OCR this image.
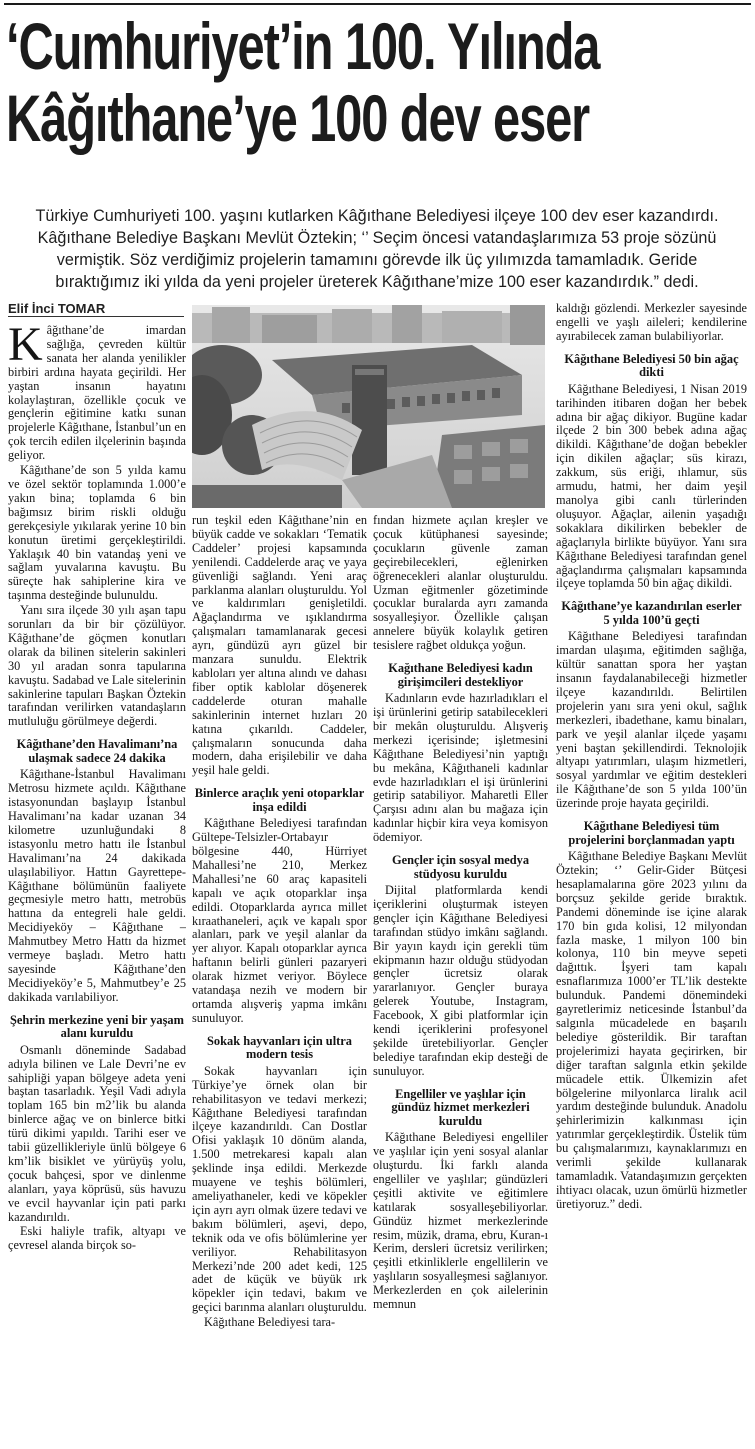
‘Cumhuriyet’in 100. Yılında
Kâğıthane’ye 100 dev eser
Türkiye Cumhuriyeti 100. yaşını kutlarken Kâğıthane Belediyesi ilçeye 100 dev eser kazandırdı.
Kâğıthane Belediye Başkanı Mevlüt Öztekin; ‘’ Seçim öncesi vatandaşlarımıza 53 proje sözünü
vermiştik. Söz verdiğimiz projelerin tamamını görevde ilk üç yılımızda tamamladık. Geride
bıraktığımız iki yılda da yeni projeler üreterek Kâğıthane’mize 100 eser kazandırdık.” dedi.
Elif İnci TOMAR

Kâğıthane’de imardan sağlığa, çevreden kültür sanata her alanda yenilikler birbiri ardına hayata geçirildi. Her yaştan insanın hayatını kolaylaştıran, özellikle çocuk ve gençlerin eğitimine katkı sunan projelerle Kâğıthane, İstanbul’un en çok tercih edilen ilçelerinin başında geliyor.

Kâğıthane’de son 5 yılda kamu ve özel sektör toplamında 1.000’e yakın bina; toplamda 6 bin bağımsız birim riskli olduğu gerekçesiyle yıkılarak yerine 10 bin konutun üretimi gerçekleştirildi. Yaklaşık 40 bin vatandaş yeni ve sağlam yuvalarına kavuştu. Bu süreçte hak sahiplerine kira ve taşınma desteğinde bulunuldu.

Yanı sıra ilçede 30 yılı aşan tapu sorunları da bir bir çözülüyor. Kâğıthane’de göçmen konutları olarak da bilinen sitelerin sakinleri 30 yıl aradan sonra tapularına kavuştu. Sadabad ve Lale sitelerinin sakinlerine tapuları Başkan Öztekin tarafından verilirken vatandaşların mutluluğu görülmeye değerdi.

Kâğıthane’den Havalimanı’na ulaşmak sadece 24 dakika

Kâğıthane-İstanbul Havalimanı Metrosu hizmete açıldı. Kâğıthane istasyonundan başlayıp İstanbul Havalimanı’na kadar uzanan 34 kilometre uzunluğundaki 8 istasyonlu metro hattı ile İstanbul Havalimanı’na 24 dakikada ulaşılabiliyor. Hattın Gayrettepe-Kâğıthane bölümünün faaliyete geçmesiyle metro hattı, metrobüs hattına da entegreli hale geldi. Mecidiyeköy – Kâğıthane – Mahmutbey Metro Hattı da hizmet vermeye başladı. Metro hattı sayesinde Kâğıthane’den Mecidiyeköy’e 5, Mahmutbey’e 25 dakikada varılabiliyor.

Şehrin merkezine yeni bir yaşam alanı kuruldu

Osmanlı döneminde Sadabad adıyla bilinen ve Lale Devri’ne ev sahipliği yapan bölgeye adeta yeni baştan tasarladık. Yeşil Vadi adıyla toplam 165 bin m2’lik bu alanda binlerce ağaç ve on binlerce bitki türü dikimi yapıldı. Tarihi eser ve tabii güzellikleriyle ünlü bölgeye 6 km’lik bisiklet ve yürüyüş yolu, çocuk bahçesi, spor ve dinlenme alanları, yaya köprüsü, süs havuzu ve evcil hayvanlar için pati parkı kazandırıldı.

Eski haliyle trafik, altyapı ve çevresel alanda birçok so-

run teşkil eden Kâğıthane’nin en büyük cadde ve sokakları ‘Tematik Caddeler’ projesi kapsamında yenilendi. Caddelerde araç ve yaya güvenliği sağlandı. Yeni araç parklanma alanları oluşturuldu. Yol ve kaldırımları genişletildi. Ağaçlandırma ve ışıklandırma çalışmaları tamamlanarak gecesi ayrı, gündüzü ayrı güzel bir manzara sunuldu. Elektrik kabloları yer altına alındı ve dahası fiber optik kablolar döşenerek caddelerde oturan mahalle sakinlerinin internet hızları 20 katına çıkarıldı. Caddeler, çalışmaların sonucunda daha modern, daha erişilebilir ve daha yeşil hale geldi.

Binlerce araçlık yeni otoparklar inşa edildi

Kâğıthane Belediyesi tarafından Gültepe-Telsizler-Ortabayır bölgesine 440, Hürriyet Mahallesi’ne 210, Merkez Mahallesi’ne 60 araç kapasiteli kapalı ve açık otoparklar inşa edildi. Otoparklarda ayrıca millet kıraathaneleri, açık ve kapalı spor alanları, park ve yeşil alanlar da yer alıyor. Kapalı otoparklar ayrıca haftanın belirli günleri pazaryeri olarak hizmet veriyor. Böylece vatandaşa nezih ve modern bir ortamda alışveriş yapma imkânı sunuluyor.

Sokak hayvanları için ultra modern tesis

Sokak hayvanları için Türkiye’ye örnek olan bir rehabilitasyon ve tedavi merkezi; Kâğıthane Belediyesi tarafından ilçeye kazandırıldı. Can Dostlar Ofisi yaklaşık 10 dönüm alanda, 1.500 metrekaresi kapalı alan şeklinde inşa edildi. Merkezde muayene ve teşhis bölümleri, ameliyathaneler, kedi ve köpekler için ayrı ayrı olmak üzere tedavi ve bakım bölümleri, aşevi, depo, teknik oda ve ofis bölümlerine yer veriliyor. Rehabilitasyon Merkezi’nde 200 adet kedi, 125 adet de küçük ve büyük ırk köpekler için tedavi, bakım ve geçici barınma alanları oluşturuldu.

Kâğıthane Belediyesi tara-

fından hizmete açılan kreşler ve çocuk kütüphanesi sayesinde; çocukların güvenle zaman geçirebilecekleri, eğlenirken öğrenecekleri alanlar oluşturuldu. Uzman eğitmenler gözetiminde çocuklar buralarda ayrı zamanda sosyalleşiyor. Özellikle çalışan annelere büyük kolaylık getiren tesislere rağbet oldukça yoğun.

Kağıthane Belediyesi kadın girişimcileri destekliyor

Kadınların evde hazırladıkları el işi ürünlerini getirip satabilecekleri bir mekân oluşturuldu. Alışveriş merkezi içerisinde; işletmesini Kâğıthane Belediyesi’nin yaptığı bu mekâna, Kâğıthaneli kadınlar evde hazırladıkları el işi ürünlerini getirip satabiliyor. Maharetli Eller Çarşısı adını alan bu mağaza için kadınlar hiçbir kira veya komisyon ödemiyor.

Gençler için sosyal medya stüdyosu kuruldu

Dijital platformlarda kendi içeriklerini oluşturmak isteyen gençler için Kâğıthane Belediyesi tarafından stüdyo imkânı sağlandı. Bir yayın kaydı için gerekli tüm ekipmanın hazır olduğu stüdyodan gençler ücretsiz olarak yararlanıyor. Gençler buraya gelerek Youtube, Instagram, Facebook, X gibi platformlar için kendi içeriklerini profesyonel şekilde üretebiliyorlar. Gençler belediye tarafından ekip desteği de sunuluyor.

Engelliler ve yaşlılar için gündüz hizmet merkezleri kuruldu

Kâğıthane Belediyesi engelliler ve yaşlılar için yeni sosyal alanlar oluşturdu. İki farklı alanda engelliler ve yaşlılar; gündüzleri çeşitli aktivite ve eğitimlere katılarak sosyalleşebiliyorlar. Gündüz hizmet merkezlerinde resim, müzik, drama, ebru, Kuran-ı Kerim, dersleri ücretsiz verilirken; çeşitli etkinliklerle engellilerin ve yaşlıların sosyalleşmesi sağlanıyor. Merkezlerden en çok ailelerinin memnun

kaldığı gözlendi. Merkezler sayesinde engelli ve yaşlı aileleri; kendilerine ayırabilecek zaman bulabiliyorlar.

Kâğıthane Belediyesi 50 bin ağaç dikti

Kâğıthane Belediyesi, 1 Nisan 2019 tarihinden itibaren doğan her bebek adına bir ağaç dikiyor. Bugüne kadar ilçede 2 bin 300 bebek adına ağaç dikildi. Kâğıthane’de doğan bebekler için dikilen ağaçlar; süs kirazı, zakkum, süs eriği, ıhlamur, süs armudu, hatmi, her daim yeşil manolya gibi canlı türlerinden oluşuyor. Ağaçlar, ailenin yaşadığı sokaklara dikilirken bebekler de ağaçlarıyla birlikte büyüyor. Yanı sıra Kâğıthane Belediyesi tarafından genel ağaçlandırma çalışmaları kapsamında ilçeye toplamda 50 bin ağaç dikildi.

Kâğıthane’ye kazandırılan eserler 5 yılda 100’ü geçti

Kâğıthane Belediyesi tarafından imardan ulaşıma, eğitimden sağlığa, kültür sanattan spora her yaştan insanın faydalanabileceği hizmetler ilçeye kazandırıldı. Belirtilen projelerin yanı sıra yeni okul, sağlık merkezleri, ibadethane, kamu binaları, park ve yeşil alanlar ilçede yaşamı yeni baştan şekillendirdi. Teknolojik altyapı yatırımları, ulaşım hizmetleri, sosyal yardımlar ve eğitim destekleri ile Kâğıthane’de son 5 yılda 100’ün üzerinde proje hayata geçirildi.

Kâğıthane Belediyesi tüm projelerini borçlanmadan yaptı

Kâğıthane Belediye Başkanı Mevlüt Öztekin; ‘’ Gelir-Gider Bütçesi hesaplamalarına göre 2023 yılını da borçsuz şekilde geride bıraktık. Pandemi döneminde ise içine alarak 170 bin gıda kolisi, 12 milyondan fazla maske, 1 milyon 100 bin kolonya, 110 bin meyve sepeti dağıttık. İşyeri tam kapalı esnaflarımıza 1000’er TL’lik destekte bulunduk. Pandemi dönemindeki gayretlerimiz neticesinde İstanbul’da salgınla mücadelede en başarılı belediye gösterildik. Bir taraftan projelerimizi hayata geçirirken, bir diğer taraftan salgınla etkin şekilde mücadele ettik. Ülkemizin afet bölgelerine milyonlarca liralık acil yardım desteğinde bulunduk. Anadolu şehirlerimizin kalkınması için yatırımlar gerçekleştirdik. Üstelik tüm bu çalışmalarımızı, kaynaklarımızı en verimli şekilde kullanarak tamamladık. Vatandaşımızın gerçekten ihtiyacı olacak, uzun ömürlü hizmetler üretiyoruz.” dedi.
